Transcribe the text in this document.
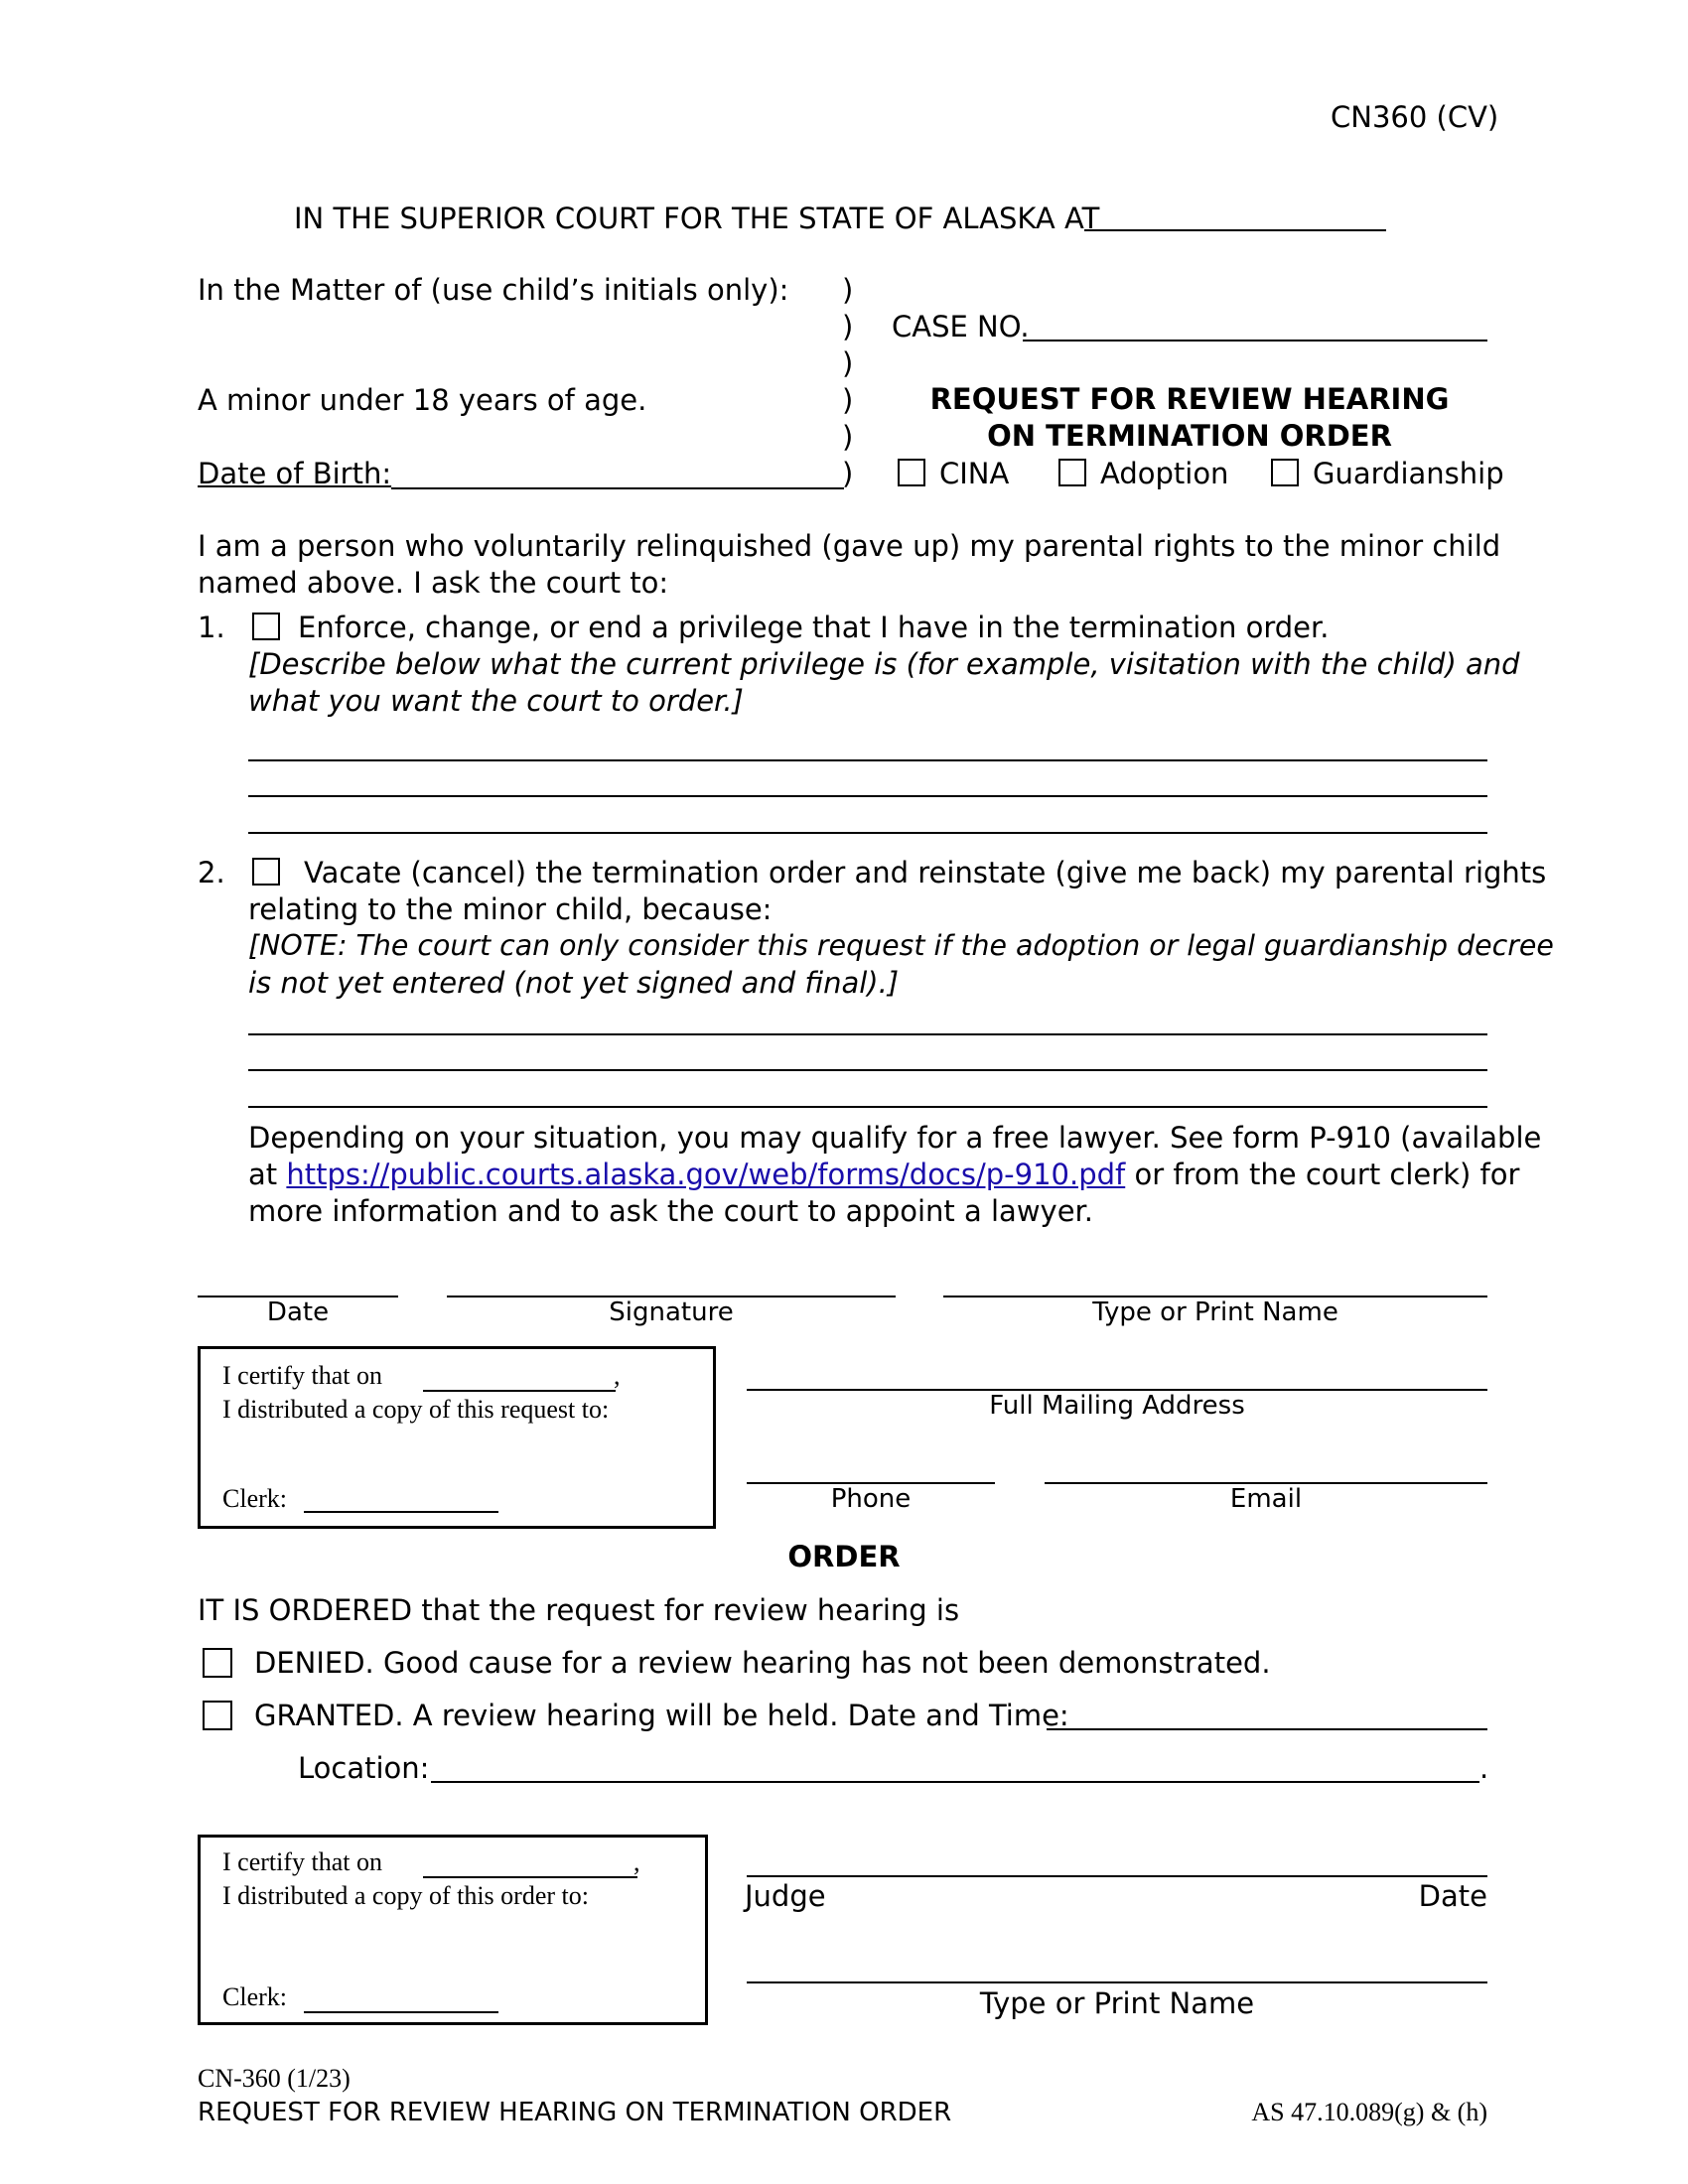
CN360 (CV)
IN THE SUPERIOR COURT FOR THE STATE OF ALASKA AT
In the Matter of (use child’s initials only):
A minor under 18 years of age.
Date of Birth:
)
)
)
)
)
)
CASE NO.
REQUEST FOR REVIEW HEARING
ON TERMINATION ORDER
CINA	Adoption	Guardianship
I am a person who voluntarily relinquished (gave up) my parental rights to the minor child
named above. I ask the court to:
1.	Enforce, change, or end a privilege that I have in the termination order.
[Describe below what the current privilege is (for example, visitation with the child) and
what you want the court to order.]
2.	Vacate (cancel) the termination order and reinstate (give me back) my parental rights
relating to the minor child, because:
[NOTE: The court can only consider this request if the adoption or legal guardianship decree
is not yet entered (not yet signed and final).]
Depending on your situation, you may qualify for a free lawyer. See form P-910 (available
at https://public.courts.alaska.gov/web/forms/docs/p-910.pdf or from the court clerk) for
more information and to ask the court to appoint a lawyer.
Date	Signature	Type or Print Name
I certify that on	,
I distributed a copy of this request to:
Clerk:
Full Mailing Address
Phone	Email
ORDER
IT IS ORDERED that the request for review hearing is
DENIED. Good cause for a review hearing has not been demonstrated.
GRANTED. A review hearing will be held. Date and Time:
Location:	.
I certify that on	,
I distributed a copy of this order to:
Clerk:
Judge	Date
Type or Print Name
CN-360 (1/23)
REQUEST FOR REVIEW HEARING ON TERMINATION ORDER	AS 47.10.089(g) & (h)
